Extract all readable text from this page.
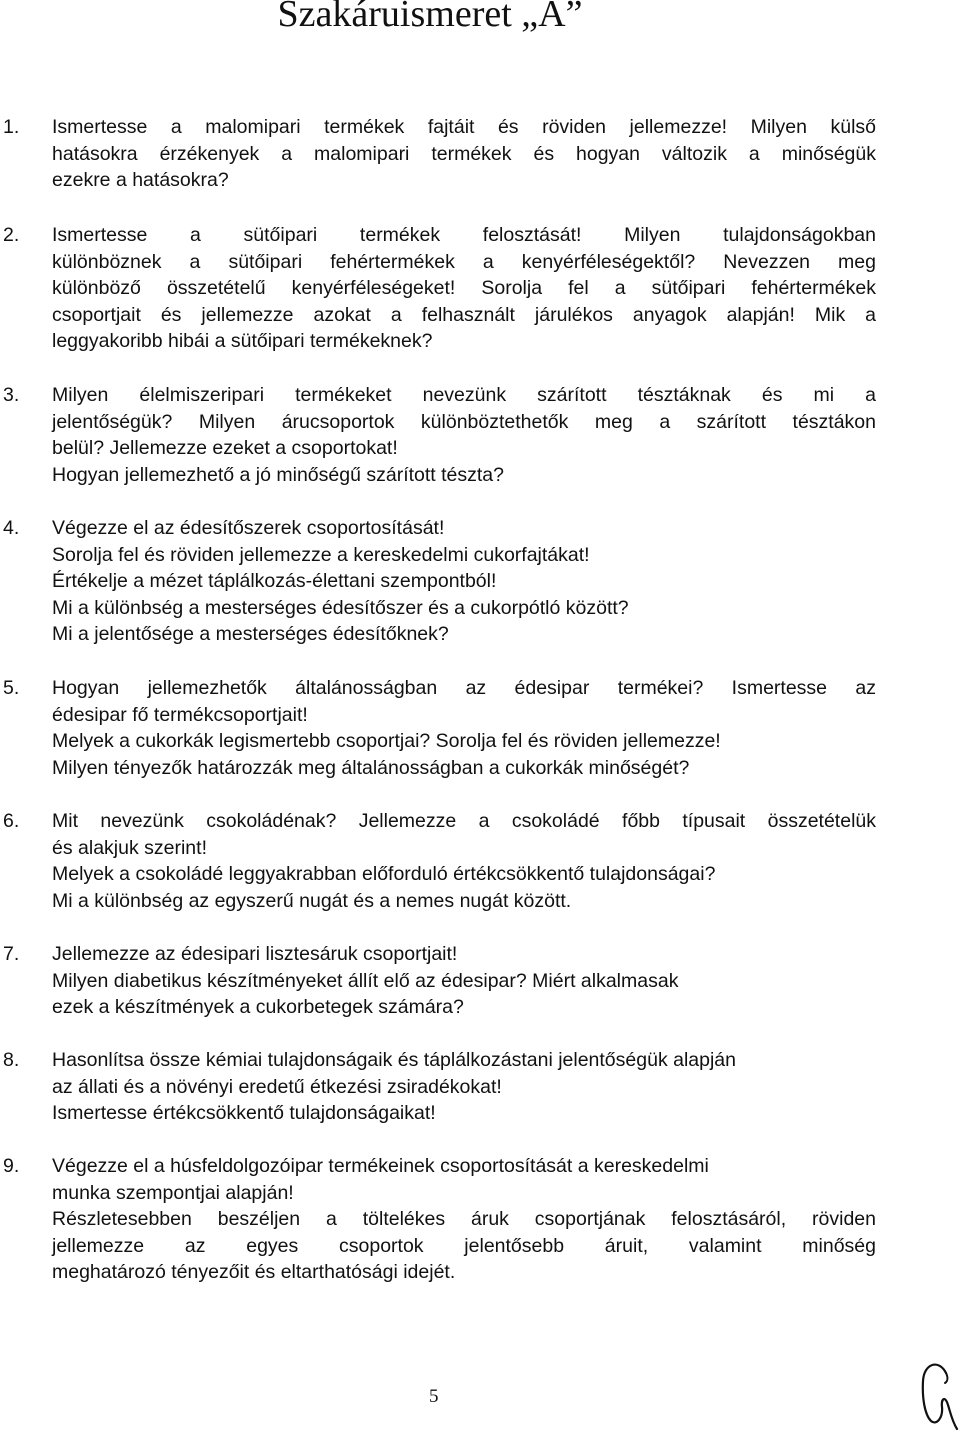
Szakáruismeret „A”
1. Ismertesse a malomipari termékek fajtáit és röviden jellemezze! Milyen külső
hatásokra érzékenyek a malomipari termékek és hogyan változik a minőségük
ezekre a hatásokra?
2. Ismertesse a sütőipari termékek felosztását! Milyen tulajdonságokban
különböznek a sütőipari fehértermékek a kenyérféleségektől? Nevezzen meg
különböző összetételű kenyérféleségeket! Sorolja fel a sütőipari fehértermékek
csoportjait és jellemezze azokat a felhasznált járulékos anyagok alapján! Mik a
leggyakoribb hibái a sütőipari termékeknek?
3. Milyen élelmiszeripari termékeket nevezünk szárított tésztáknak és mi a
jelentőségük? Milyen árucsoportok különböztethetők meg a szárított tésztákon
belül? Jellemezze ezeket a csoportokat!
Hogyan jellemezhető a jó minőségű szárított tészta?
4. Végezze el az édesítőszerek csoportosítását!
Sorolja fel és röviden jellemezze a kereskedelmi cukorfajtákat!
Értékelje a mézet táplálkozás-élettani szempontból!
Mi a különbség a mesterséges édesítőszer és a cukorpótló között?
Mi a jelentősége a mesterséges édesítőknek?
5. Hogyan jellemezhetők általánosságban az édesipar termékei? Ismertesse az
édesipar fő termékcsoportjait!
Melyek a cukorkák legismertebb csoportjai? Sorolja fel és röviden jellemezze!
Milyen tényezők határozzák meg általánosságban a cukorkák minőségét?
6. Mit nevezünk csokoládénak? Jellemezze a csokoládé főbb típusait összetételük
és alakjuk szerint!
Melyek a csokoládé leggyakrabban előforduló értékcsökkentő tulajdonságai?
Mi a különbség az egyszerű nugát és a nemes nugát között.
7. Jellemezze az édesipari lisztesáruk csoportjait!
Milyen diabetikus készítményeket állít elő az édesipar? Miért alkalmasak
ezek a készítmények a cukorbetegek számára?
8. Hasonlítsa össze kémiai tulajdonságaik és táplálkozástani jelentőségük alapján
az állati és a növényi eredetű étkezési zsiradékokat!
Ismertesse értékcsökkentő tulajdonságaikat!
9. Végezze el a húsfeldolgozóipar termékeinek csoportosítását a kereskedelmi
munka szempontjai alapján!
Részletesebben beszéljen a töltelékes áruk csoportjának felosztásáról, röviden
jellemezze az egyes csoportok jelentősebb áruit, valamint minőség
meghatározó tényezőit és eltarthatósági idejét.
5
